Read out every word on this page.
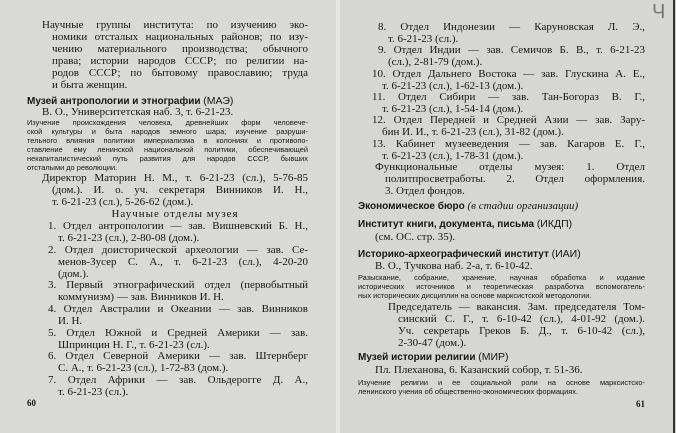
Научные группы института: по изучению эко-
номики отсталых национальных районов; по изу-
чению материального производства; обычного
права; истории народов СССР; по религии на-
родов СССР; по бытовому православию; труда
и быта женщин.
Музей антропологии и этнографии (МАЭ)
В. О., Университетская наб. 3, т. 6-21-23.
Изучение происхождения человека, древнейших форм человече-
ской культуры и быта народов земного шара; изучение разруши-
тельного влияния политики империализма в колониях и противопо-
ставление ему ленинской национальной политики, обеспечивающей
некапиталистический путь развития для народов СССР, бывших
отсталыми до революции.
Директор Маторин Н. М., т. 6-21-23 (сл.), 5-76-85
(дом.). И. о. уч. секретаря Винников И. Н.,
т. 6-21-23 (сл.), 5-26-62 (дом.).
Научные отделы музея
1. Отдел антропологии — зав. Вишневский Б. Н.,
т. 6-21-23 (сл.), 2-80-08 (дом.).
2. Отдел доисторической археологии — зав. Се-
менов-Зусер С. А., т. 6-21-23 (сл.), 4-20-20
(дом.).
3. Первый этнографический отдел (первобытный
коммунизм) — зав. Винников И. Н.
4. Отдел Австралии и Океании — зав. Винников
И. Н.
5. Отдел Южной и Средней Америки — зав.
Шпринцин Н. Г., т. 6-21-23 (сл.).
6. Отдел Северной Америки — зав. Штернберг
С. А., т. 6-21-23 (сл.), 1-72-83 (дом.).
7. Отдел Африки — зав. Ольдерогге Д. А.,
т. 6-21-23 (сл.).
60
Ч
8. Отдел Индонезии — Каруновская Л. Э.,
т. 6-21-23 (сл.).
9. Отдел Индии — зав. Семичов Б. В., т. 6-21-23
(сл.), 2-81-79 (дом.).
10. Отдел Дальнего Востока — зав. Глускина А. Е.,
т. 6-21-23 (сл.), 1-62-13 (дом.).
11. Отдел Сибири — зав. Тан-Богораз В. Г.,
т. 6-21-23 (сл.), 1-54-14 (дом.).
12. Отдел Передней и Средней Азии — зав. Зару-
бин И. И., т. 6-21-23 (сл.), 31-82 (дом.).
13. Кабинет музееведения — зав. Кагаров Е. Г.,
т. 6-21-23 (сл.), 1-78-31 (дом.).
Функциональные отделы музея: 1. Отдел
политпросветработы. 2. Отдел оформления.
3. Отдел фондов.
Экономическое бюро (в стадии организации)
Институт книги, документа, письма (ИКДП)
(см. ОС. стр. 35).
Историко-археографический институт (ИАИ)
В. О., Тучкова наб. 2-а, т. 6-10-42.
Разыскание, собрание, хранение, научная обработка и издание
исторических источников и теоретическая разработка вспомогатель-
ных исторических дисциплин на основе марксистской методологии.
Председатель — вакансия. Зам. председателя Том-
синский С. Г., т. 6-10-42 (сл.), 4-01-92 (дом.).
Уч. секретарь Греков Б. Д., т. 6-10-42 (сл.),
2-30-47 (дом.).
Музей истории религии (МИР)
Пл. Плеханова, 6. Казанский собор, т. 51-36.
Изучение религии и ее социальной роли на основе марксистско-
ленинского учения об общественно-экономических формациях.
61
